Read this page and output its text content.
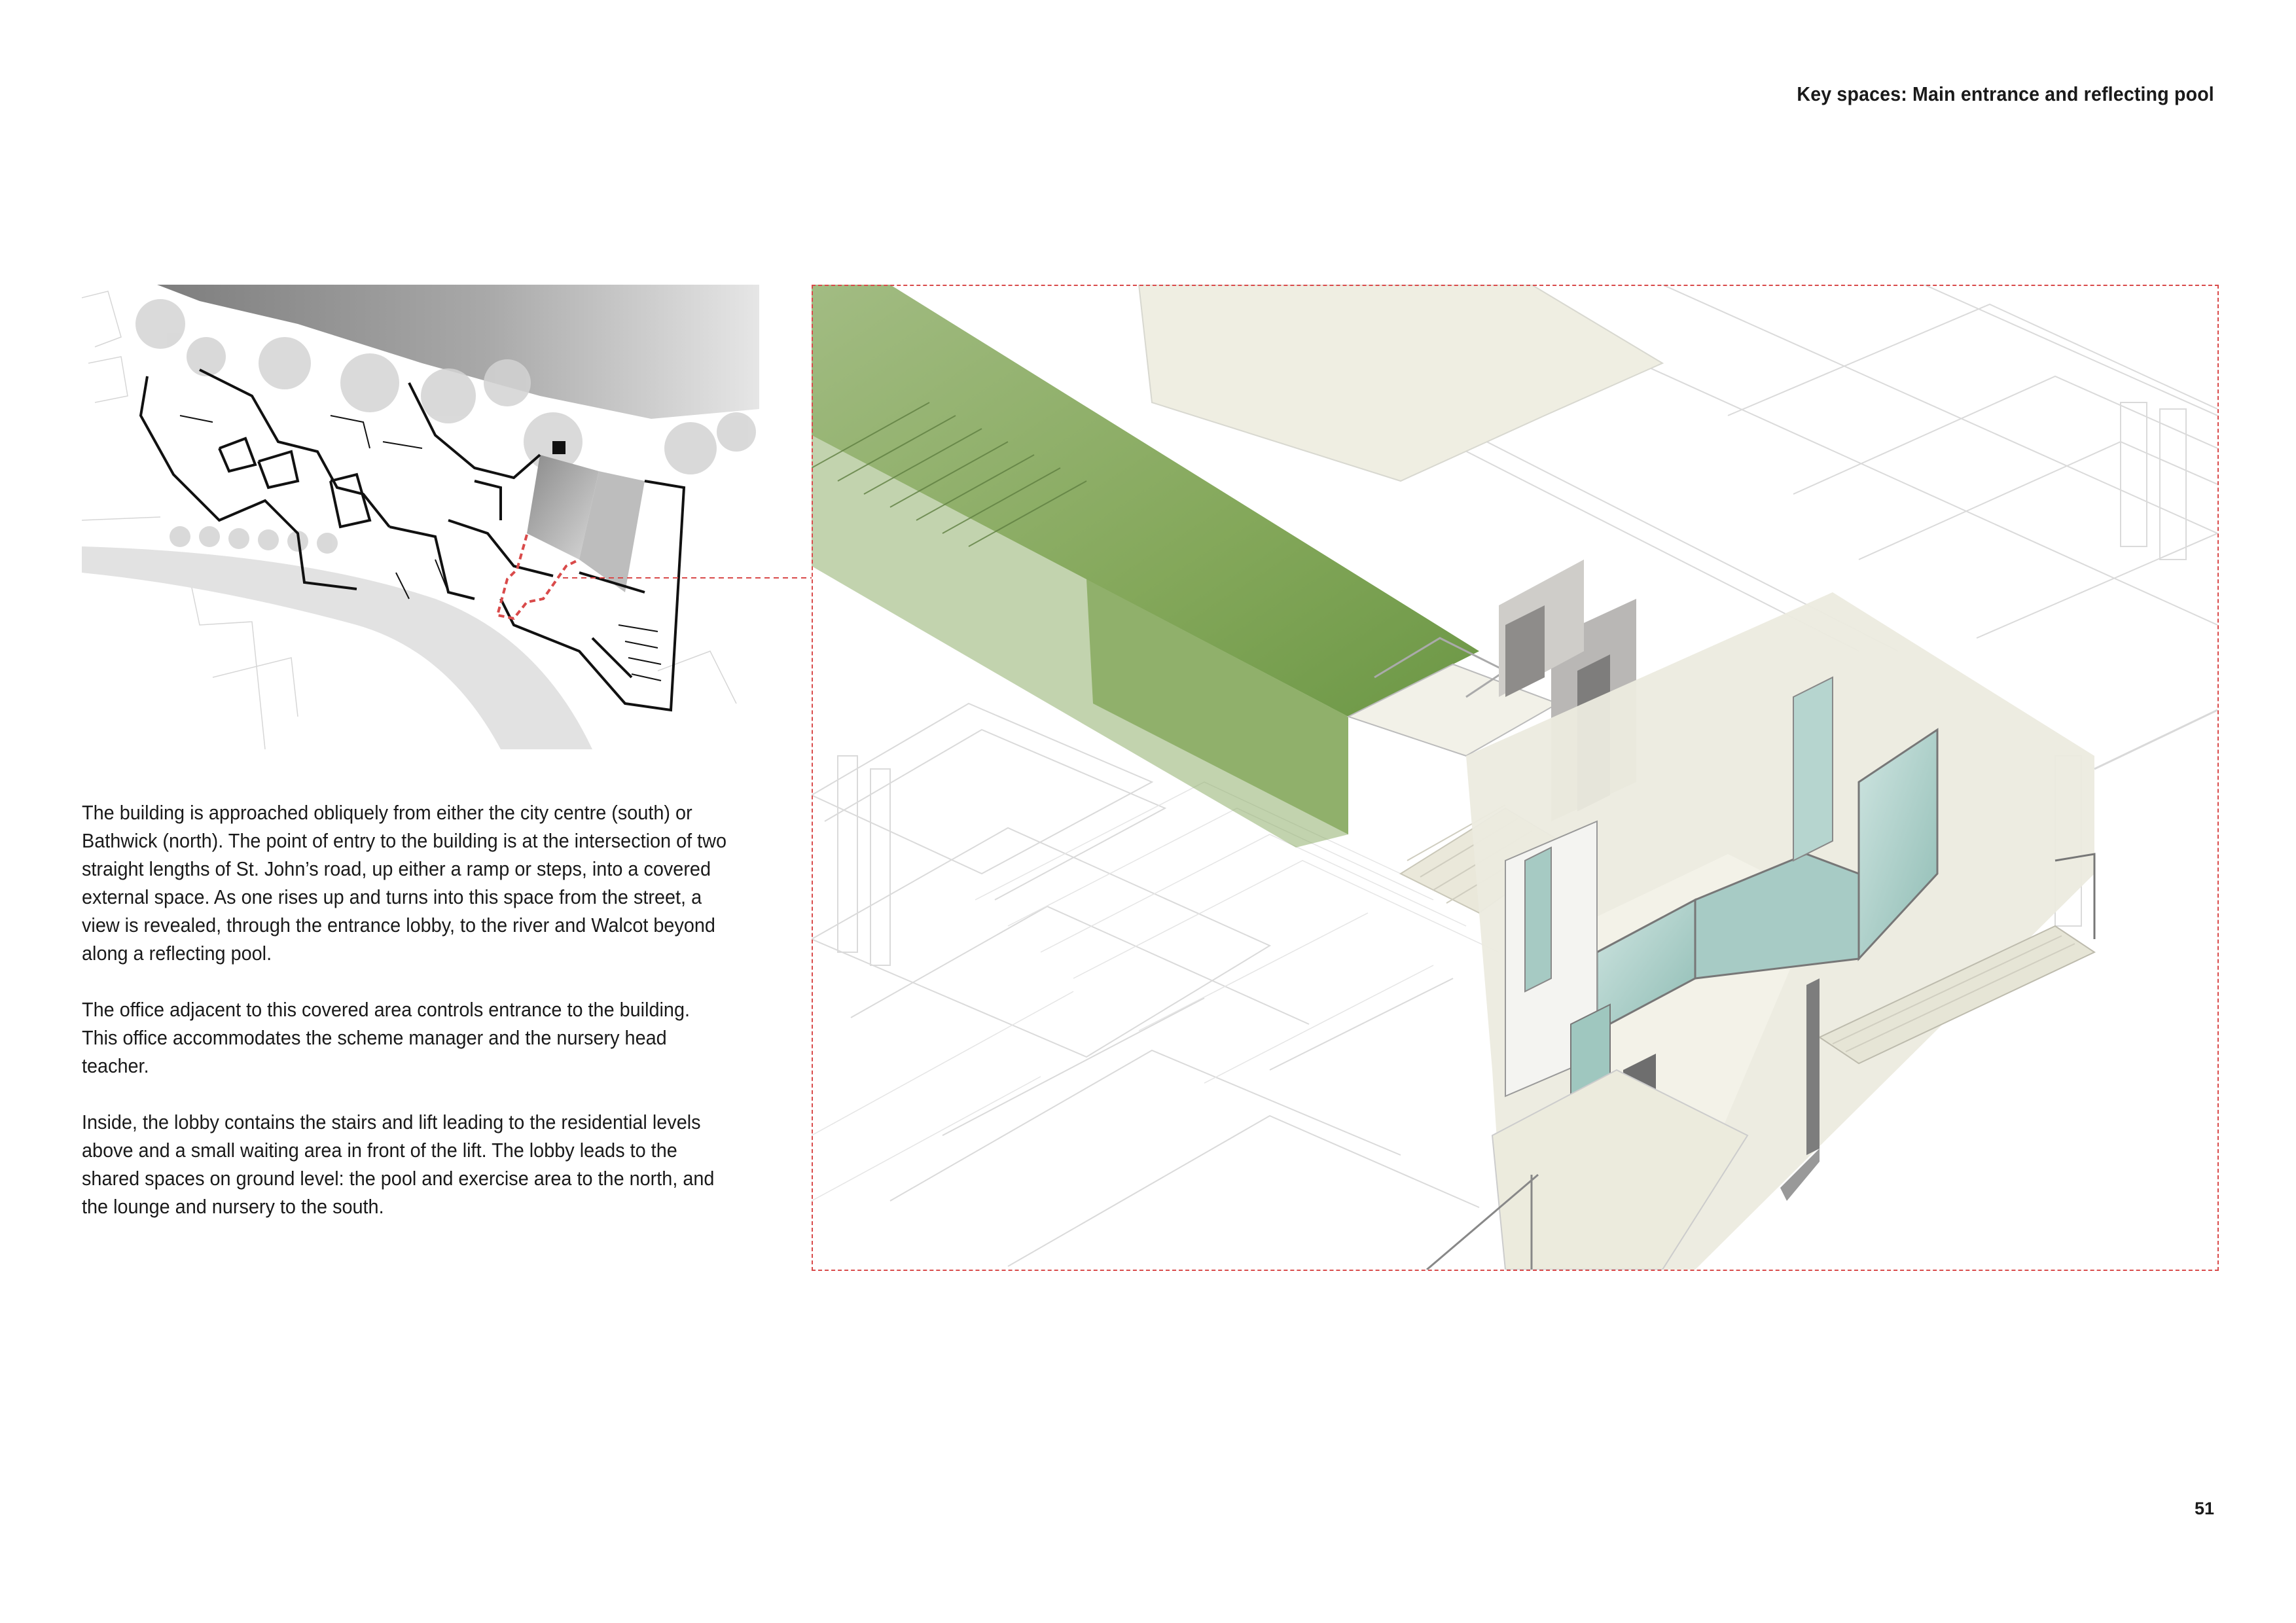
Key spaces: Main entrance and reflecting pool

The building is approached obliquely from either the city centre (south) or Bathwick (north). The point of entry to the building is at the intersection of two straight lengths of St. John’s road, up either a ramp or steps, into a covered external space. As one rises up and turns into this space from the street, a view is revealed, through the entrance lobby, to the river and Walcot beyond along a reflecting pool.

The office adjacent to this covered area controls entrance to the building. This office accommodates the scheme manager and the nursery head teacher.

Inside, the lobby contains the stairs and lift leading to the residential levels above and a small waiting area in front of the lift. The lobby leads to the shared spaces on ground level: the pool and exercise area to the north, and the lounge and nursery to the south.

51
